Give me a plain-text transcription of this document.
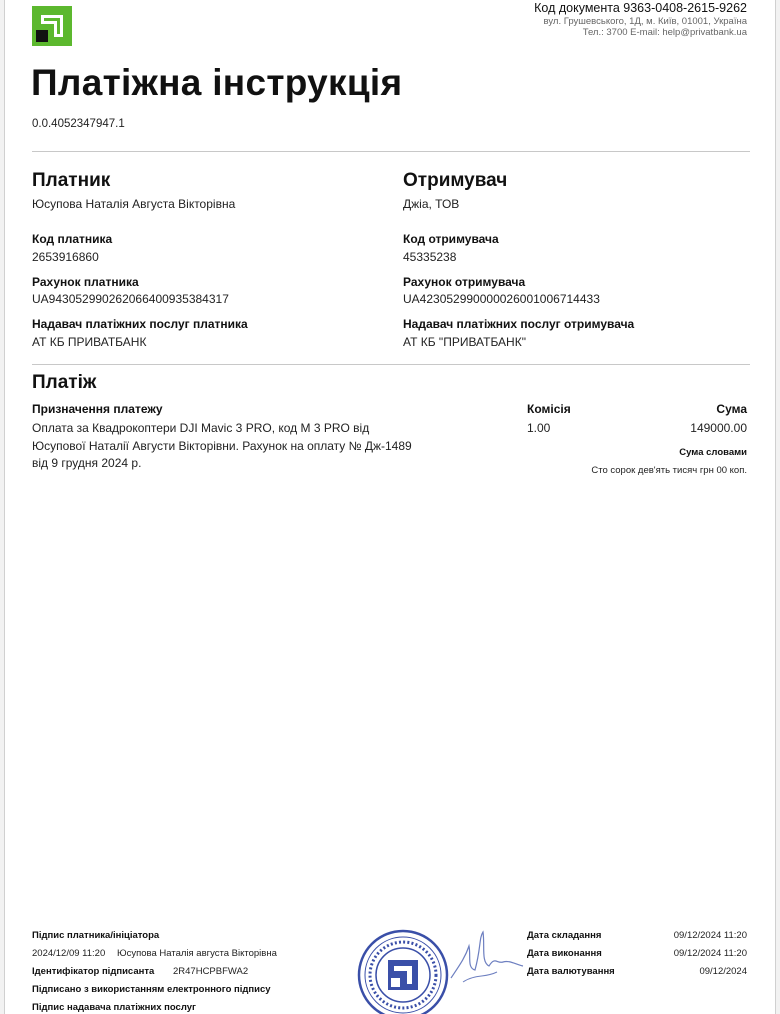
Код документа 9363-0408-2615-9262
вул. Грушевського, 1Д, м. Київ, 01001, Україна
Тел.: 3700 E-mail: help@privatbank.ua
Платіжна інструкція
0.0.4052347947.1
Платник
Юсупова Наталія Августа Вікторівна
Код платника
2653916860
Рахунок платника
UA943052990262066400935384317
Надавач платіжних послуг платника
АТ КБ ПРИВАТБАНК
Отримувач
Джіа, ТОВ
Код отримувача
45335238
Рахунок отримувача
UA423052990000026001006714433
Надавач платіжних послуг отримувача
АТ КБ "ПРИВАТБАНК"
Платіж
Призначення платежу
Оплата за Квадрокоптери DJI Mavic 3 PRO, код M 3 PRO від Юсупової Наталії Августи Вікторівни. Рахунок на оплату № Дж-1489 від 9 грудня 2024 р.
Комісія
1.00
Сума
149000.00
Сума словами
Сто сорок дев'ять тисяч грн 00 коп.
Підпис платника/ініціатора
2024/12/09 11:20 Юсупова Наталія августа Вікторівна
Ідентифікатор підписанта 2R47HCPBFWA2
Підписано з використанням електронного підпису
Підпис надавача платіжних послуг
Дата складання	09/12/2024 11:20
Дата виконання	09/12/2024 11:20
Дата валютування	09/12/2024
